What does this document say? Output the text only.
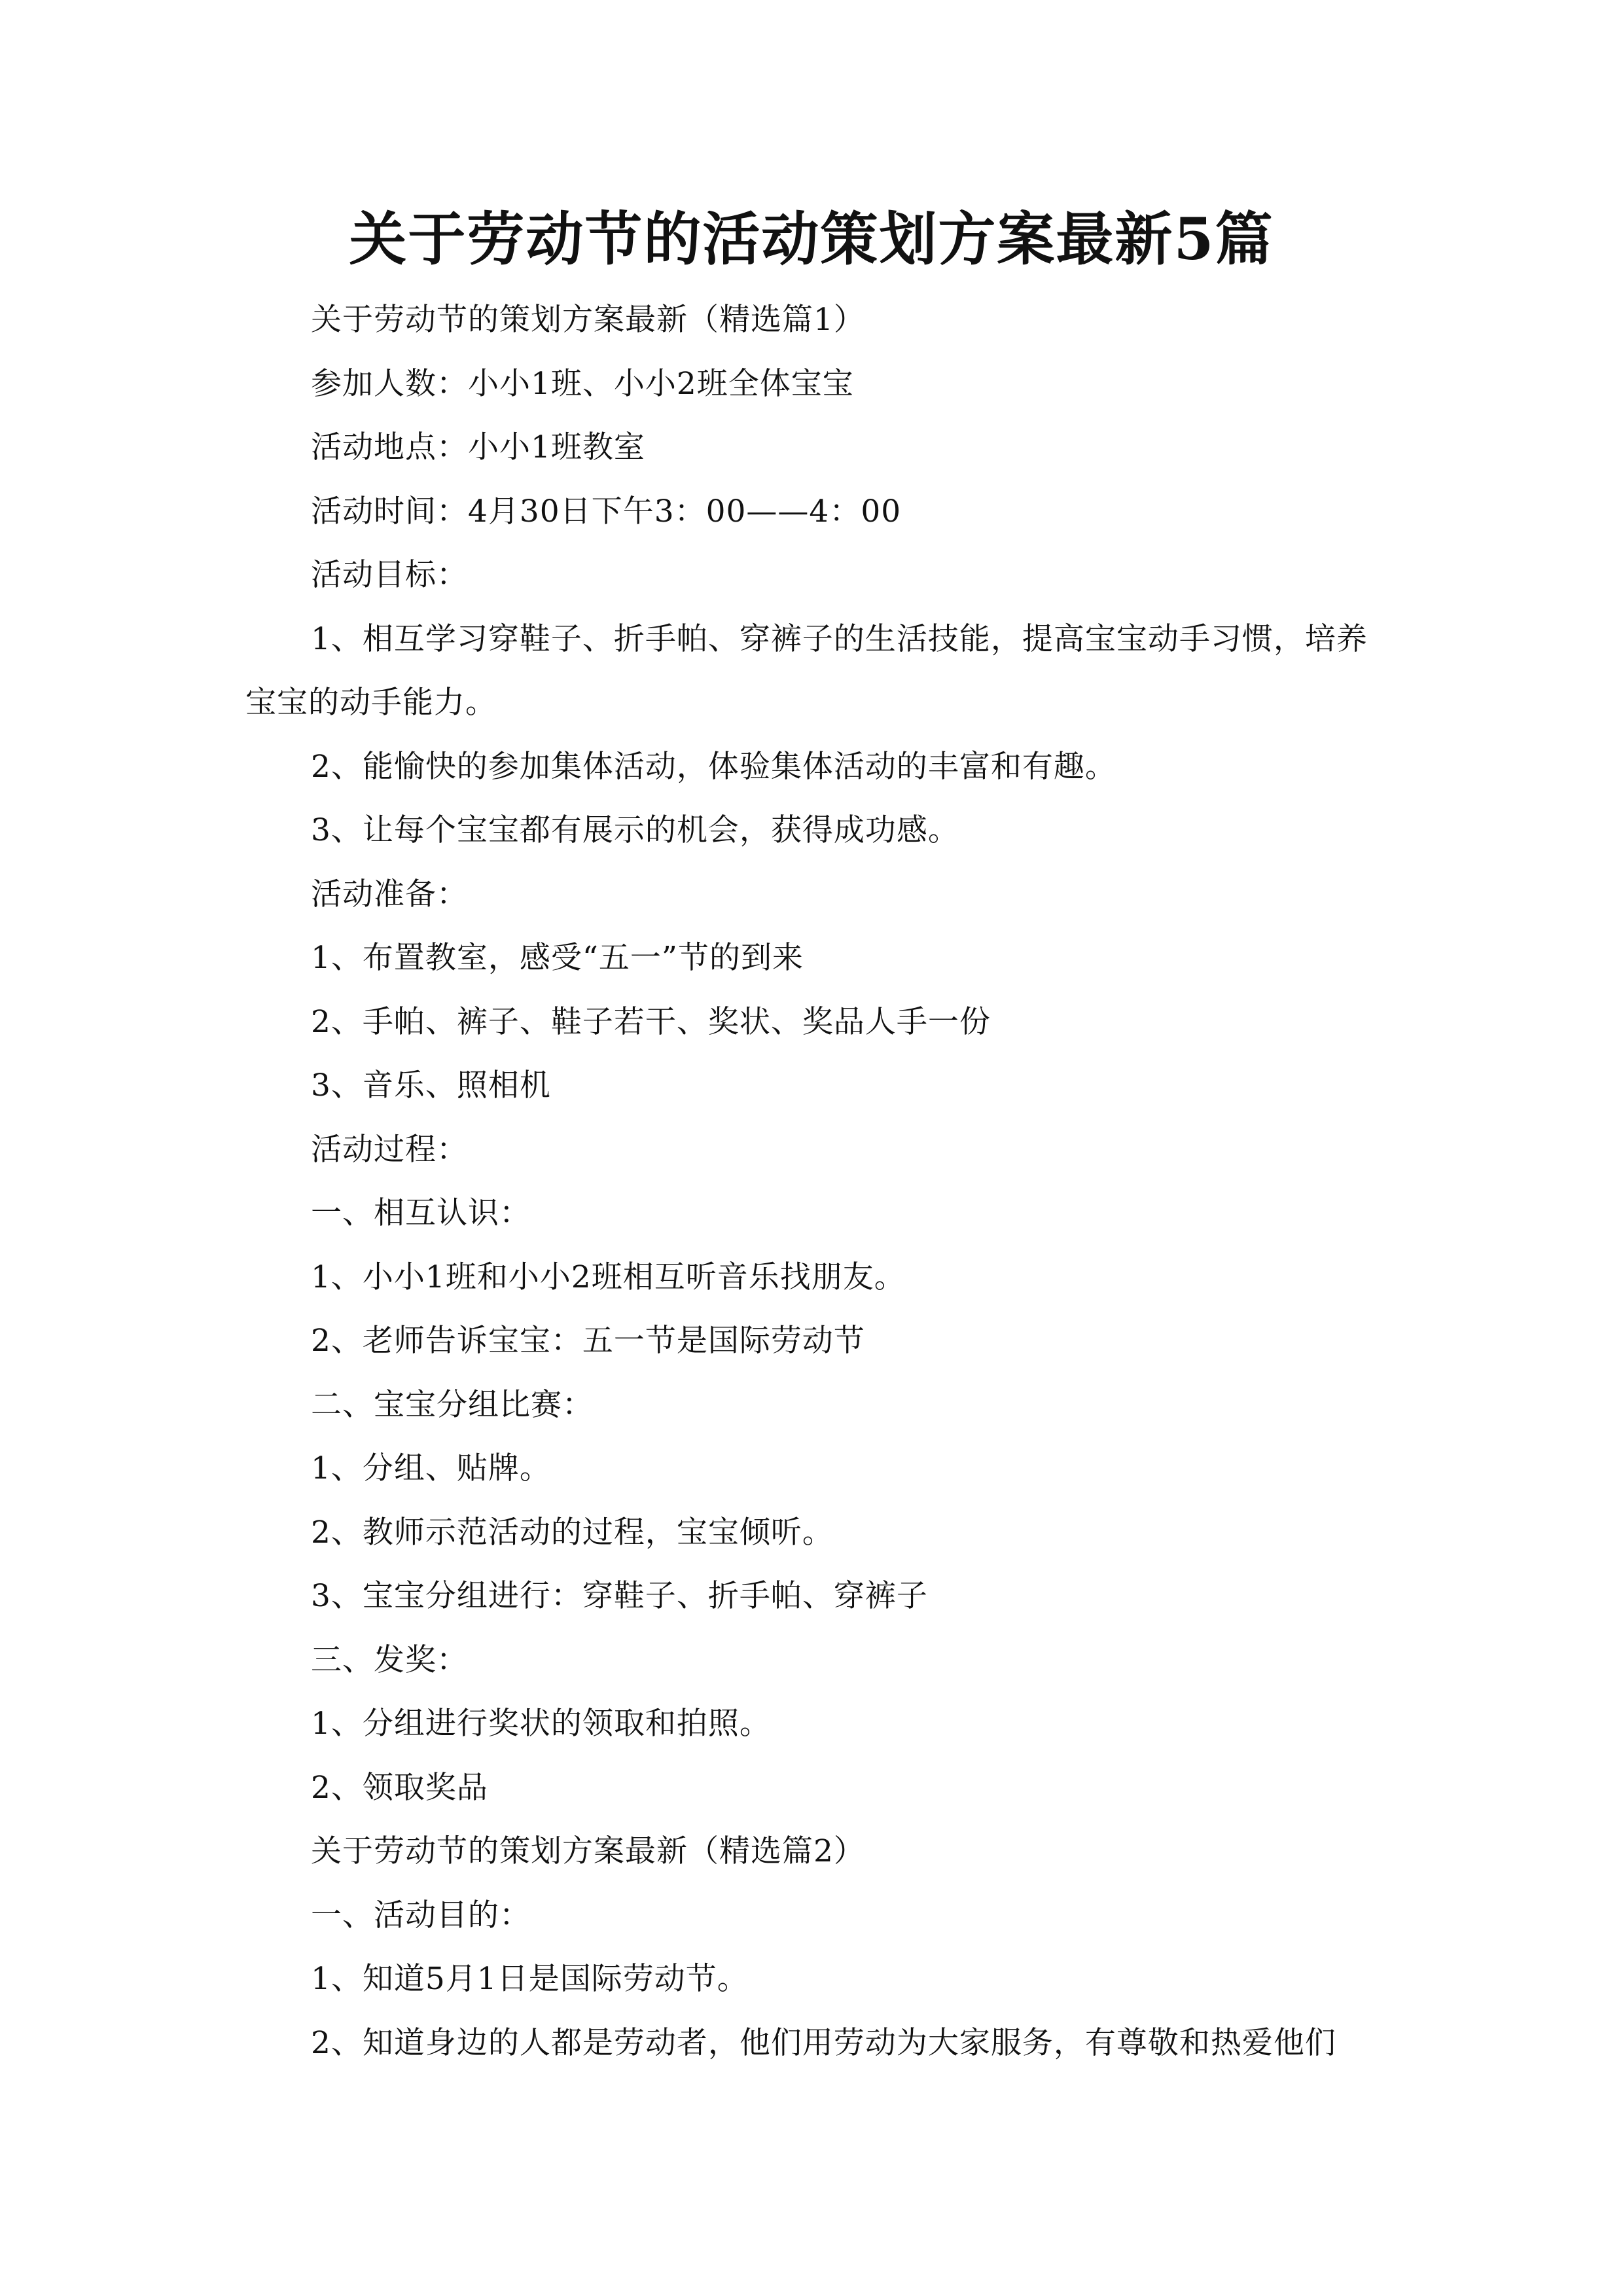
关于劳动节的活动策划方案最新5篇

关于劳动节的策划方案最新（精选篇1）

参加人数：小小1班、小小2班全体宝宝

活动地点：小小1班教室

活动时间：4月30日下午3：00——4：00

活动目标：

1、相互学习穿鞋子、折手帕、穿裤子的生活技能，提高宝宝动手习惯，培养宝宝的动手能力。

2、能愉快的参加集体活动，体验集体活动的丰富和有趣。

3、让每个宝宝都有展示的机会，获得成功感。

活动准备：

1、布置教室，感受“五一”节的到来

2、手帕、裤子、鞋子若干、奖状、奖品人手一份

3、音乐、照相机

活动过程：

一、相互认识：

1、小小1班和小小2班相互听音乐找朋友。

2、老师告诉宝宝：五一节是国际劳动节

二、宝宝分组比赛：

1、分组、贴牌。

2、教师示范活动的过程，宝宝倾听。

3、宝宝分组进行：穿鞋子、折手帕、穿裤子

三、发奖：

1、分组进行奖状的领取和拍照。

2、领取奖品

关于劳动节的策划方案最新（精选篇2）

一、活动目的：

1、知道5月1日是国际劳动节。

2、知道身边的人都是劳动者，他们用劳动为大家服务，有尊敬和热爱他们
